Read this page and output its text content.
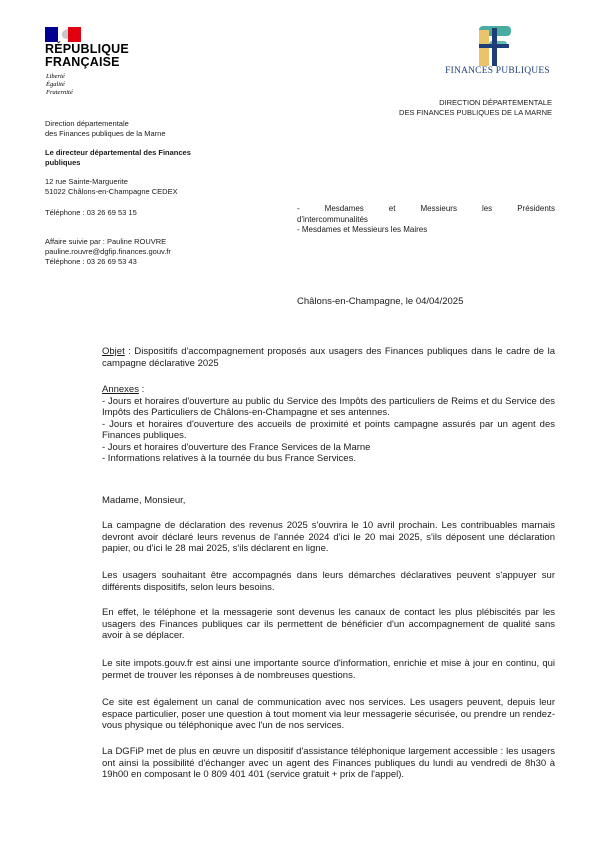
RÉPUBLIQUE
FRANÇAISE
Liberté
Égalité
Fraternité
FINANCES PUBLIQUES
DIRECTION DÉPARTEMENTALE
DES FINANCES PUBLIQUES DE LA MARNE
Direction départementale
des Finances publiques de la Marne
Le directeur départemental des Finances
publiques
12 rue Sainte-Marguerite
51022 Châlons-en-Champagne CEDEX
Téléphone : 03 26 69 53 15
Affaire suivie par : Pauline ROUVRE
pauline.rouvre@dgfip.finances.gouv.fr
Téléphone : 03 26 69 53 43
- Mesdames et Messieurs les Présidents
d'intercommunalités
- Mesdames et Messieurs les Maires
Châlons-en-Champagne, le 04/04/2025

Objet : Dispositifs d'accompagnement proposés aux usagers des Finances publiques dans le cadre de la campagne déclarative 2025

Annexes :

- Jours et horaires d'ouverture au public du Service des Impôts des particuliers de Reims et du Service des Impôts des Particuliers de Châlons-en-Champagne et ses antennes.

- Jours et horaires d'ouverture des accueils de proximité et points campagne assurés par un agent des Finances publiques.

- Jours et horaires d'ouverture des France Services de la Marne

- Informations relatives à la tournée du bus France Services.

Madame, Monsieur,
La campagne de déclaration des revenus 2025 s'ouvrira le 10 avril prochain. Les contribuables marnais devront avoir déclaré leurs revenus de l'année 2024 d'ici le 20 mai 2025, s'ils déposent une déclaration papier, ou d'ici le 28 mai 2025, s'ils déclarent en ligne.
Les usagers souhaitant être accompagnés dans leurs démarches déclaratives peuvent s'appuyer sur différents dispositifs, selon leurs besoins.
En effet, le téléphone et la messagerie sont devenus les canaux de contact les plus plébiscités par les usagers des Finances publiques car ils permettent de bénéficier d'un accompagnement de qualité sans avoir à se déplacer.
Le site impots.gouv.fr est ainsi une importante source d'information, enrichie et mise à jour en continu, qui permet de trouver les réponses à de nombreuses questions.
Ce site est également un canal de communication avec nos services. Les usagers peuvent, depuis leur espace particulier, poser une question à tout moment via leur messagerie sécurisée, ou prendre un rendez-vous physique ou téléphonique avec l'un de nos services.
La DGFiP met de plus en œuvre un dispositif d'assistance téléphonique largement accessible : les usagers ont ainsi la possibilité d'échanger avec un agent des Finances publiques du lundi au vendredi de 8h30 à 19h00 en composant le 0 809 401 401 (service gratuit + prix de l'appel).
